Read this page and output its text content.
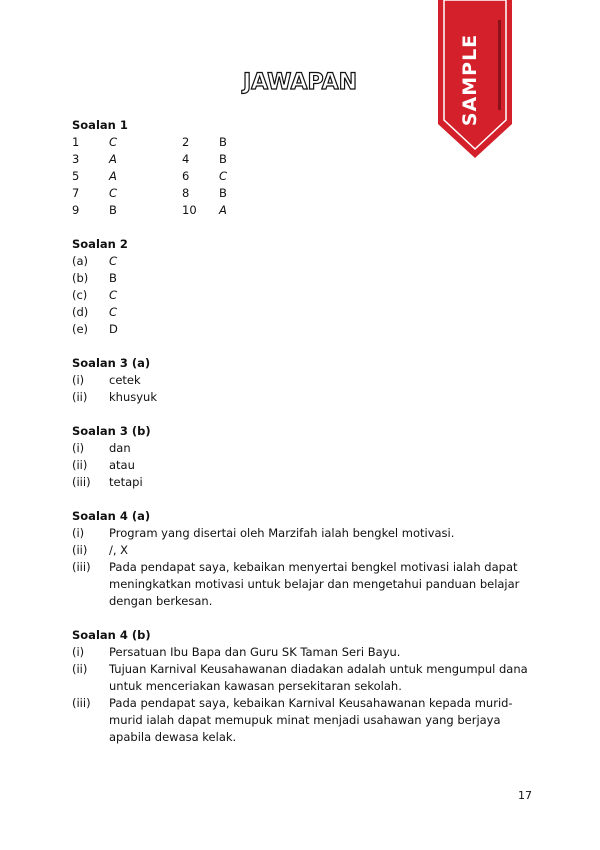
SAMPLE
JAWAPAN
Soalan 1
1	C	2	B
3	A	4	B
5	A	6	C
7	C	8	B
9	B	10	A
Soalan 2
(a)	C
(b)	B
(c)	C
(d)	C
(e)	D
Soalan 3 (a)
(i)	cetek
(ii)	khusyuk
Soalan 3 (b)
(i)	dan
(ii)	atau
(iii)	tetapi
Soalan 4 (a)
(i)	Program yang disertai oleh Marzifah ialah bengkel motivasi.
(ii)	/, X
(iii)	Pada pendapat saya, kebaikan menyertai bengkel motivasi ialah dapat meningkatkan motivasi untuk belajar dan mengetahui panduan belajar dengan berkesan.
Soalan 4 (b)
(i)	Persatuan Ibu Bapa dan Guru SK Taman Seri Bayu.
(ii)	Tujuan Karnival Keusahawanan diadakan adalah untuk mengumpul dana untuk menceriakan kawasan persekitaran sekolah.
(iii)	Pada pendapat saya, kebaikan Karnival Keusahawanan kepada murid-murid ialah dapat memupuk minat menjadi usahawan yang berjaya apabila dewasa kelak.
17
